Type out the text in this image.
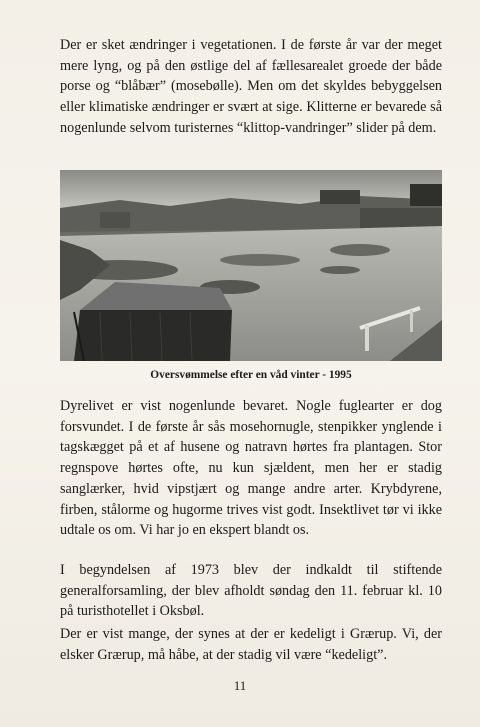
Der er sket ændringer i vegetationen. I de første år var der meget mere lyng, og på den østlige del af fællesarealet groede der både porse og “blåbær” (mosebølle). Men om det skyldes bebyggelsen eller klimatiske ændringer er svært at sige. Klitterne er bevarede så nogenlunde selvom turisternes “klittop-vandringer” slider på dem.

Oversvømmelse efter en våd vinter - 1995

Dyrelivet er vist nogenlunde bevaret. Nogle fuglearter er dog forsvundet. I de første år sås mosehornugle, stenpikker ynglende i tagskægget på et af husene og natravn hørtes fra plantagen. Stor regnspove hørtes ofte, nu kun sjældent, men her er stadig sanglærker, hvid vipstjært og mange andre arter. Krybdyrene, firben, stålorme og hugorme trives vist godt. Insektlivet tør vi ikke udtale os om. Vi har jo en ekspert blandt os.

I begyndelsen af 1973 blev der indkaldt til stiftende generalforsamling, der blev afholdt søndag den 11. februar kl. 10 på turisthotellet i Oksbøl.

Der er vist mange, der synes at der er kedeligt i Grærup. Vi, der elsker Grærup, må håbe, at der stadig vil være “kedeligt”.

11
